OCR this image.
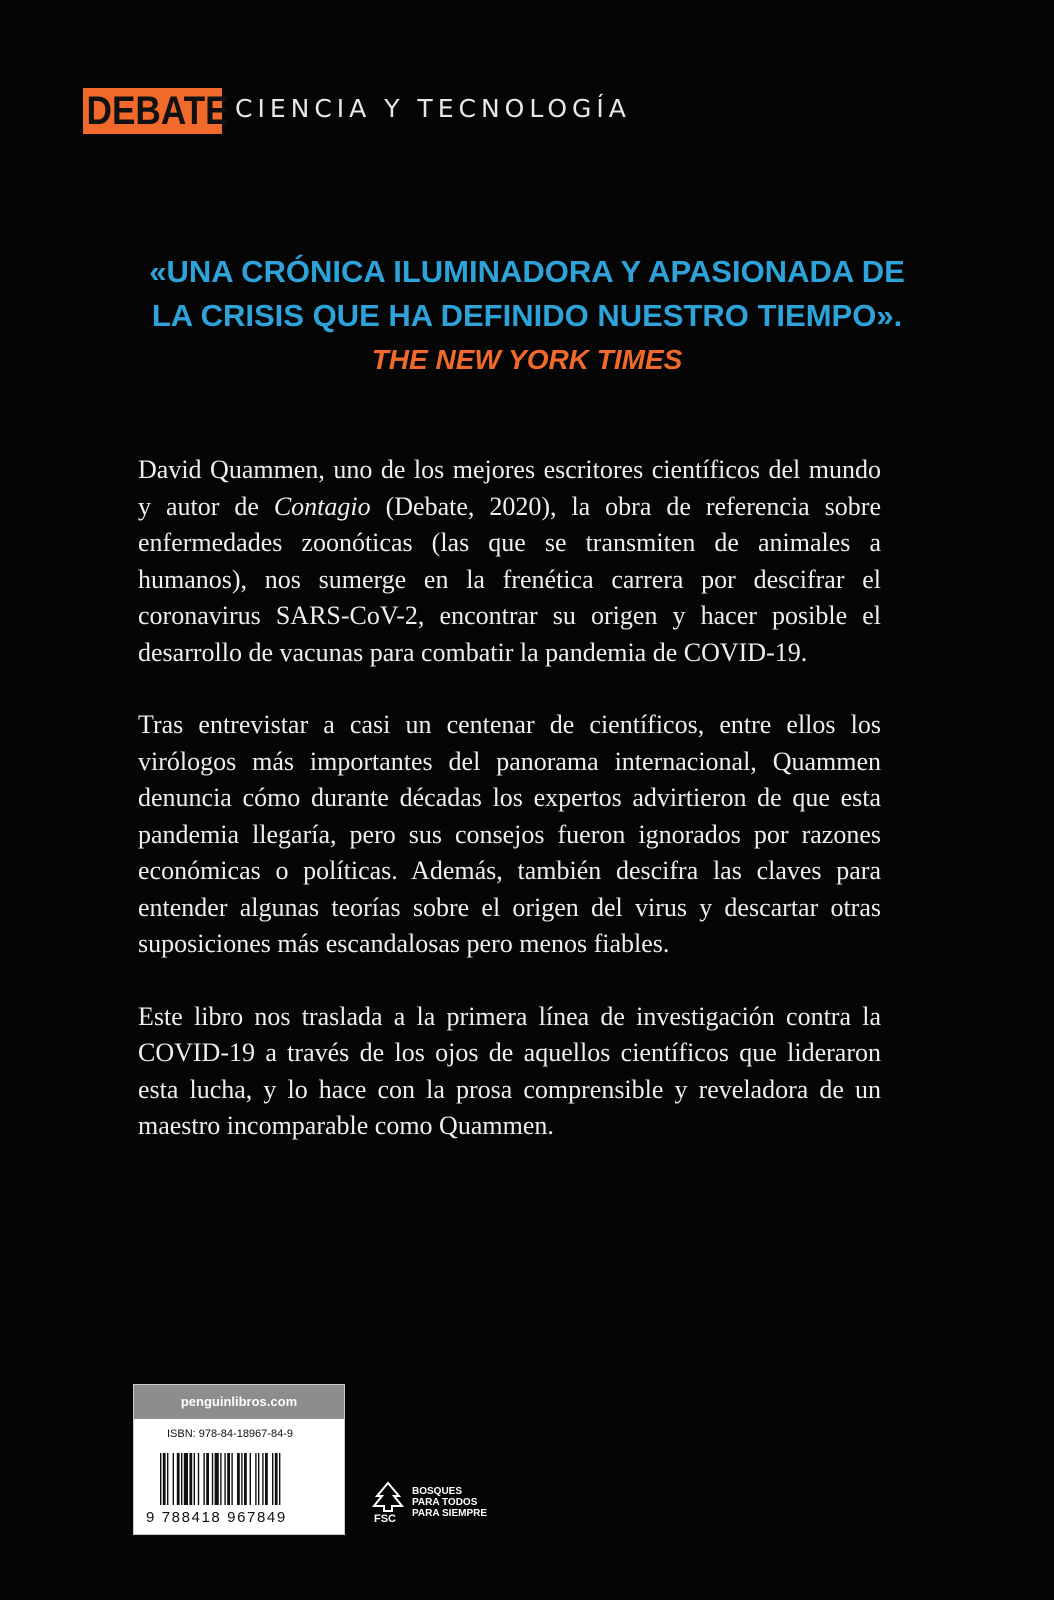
DEBATE CIENCIA Y TECNOLOGÍA
«UNA CRÓNICA ILUMINADORA Y APASIONADA DE
LA CRISIS QUE HA DEFINIDO NUESTRO TIEMPO».
THE NEW YORK TIMES

David Quammen, uno de los mejores escritores científicos del mundo y autor de Contagio (Debate, 2020), la obra de referencia sobre enfermedades zoonóticas (las que se transmiten de animales a humanos), nos sumerge en la frenética carrera por descifrar el coronavirus SARS-CoV-2, encontrar su origen y hacer posible el desarrollo de vacunas para combatir la pandemia de COVID-19.

Tras entrevistar a casi un centenar de científicos, entre ellos los virólogos más importantes del panorama internacional, Quammen denuncia cómo durante décadas los expertos advirtieron de que esta pandemia llegaría, pero sus consejos fueron ignorados por razones económicas o políticas. Además, también descifra las claves para entender algunas teorías sobre el origen del virus y descartar otras suposiciones más escandalosas pero menos fiables.

Este libro nos traslada a la primera línea de investigación contra la COVID-19 a través de los ojos de aquellos científicos que lideraron esta lucha, y lo hace con la prosa comprensible y reveladora de un maestro incomparable como Quammen.

penguinlibros.com
ISBN: 978-84-18967-84-9
9 788418 967849	FSC
BOSQUES
PARA TODOS
PARA SIEMPRE
